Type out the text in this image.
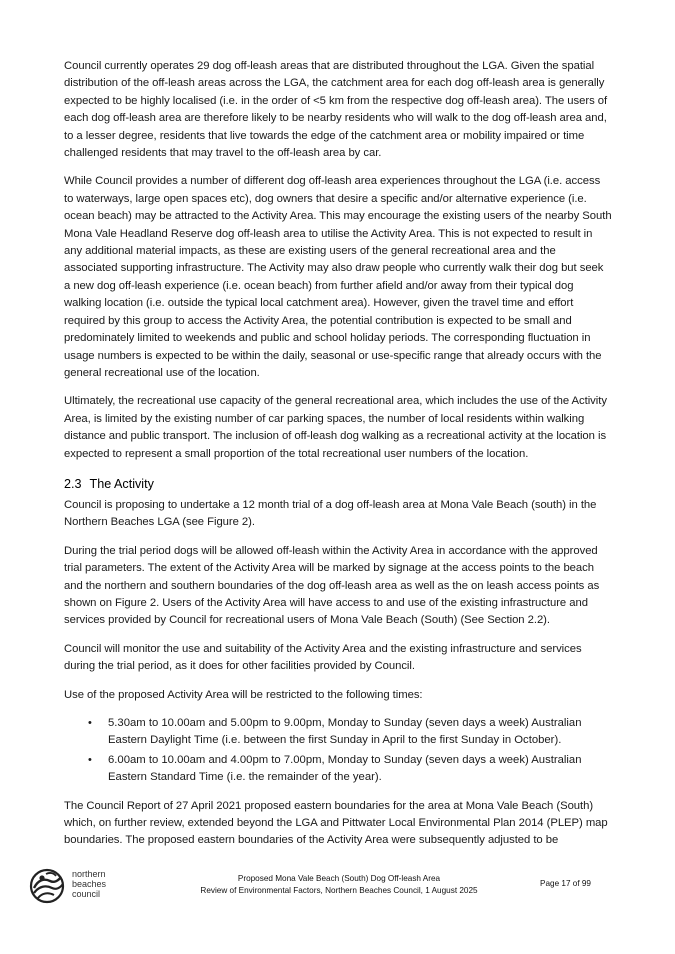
Council currently operates 29 dog off-leash areas that are distributed throughout the LGA. Given the spatial distribution of the off-leash areas across the LGA, the catchment area for each dog off-leash area is generally expected to be highly localised (i.e. in the order of <5 km from the respective dog off-leash area). The users of each dog off-leash area are therefore likely to be nearby residents who will walk to the dog off-leash area and, to a lesser degree, residents that live towards the edge of the catchment area or mobility impaired or time challenged residents that may travel to the off-leash area by car.

While Council provides a number of different dog off-leash area experiences throughout the LGA (i.e. access to waterways, large open spaces etc), dog owners that desire a specific and/or alternative experience (i.e. ocean beach) may be attracted to the Activity Area. This may encourage the existing users of the nearby South Mona Vale Headland Reserve dog off-leash area to utilise the Activity Area. This is not expected to result in any additional material impacts, as these are existing users of the general recreational area and the associated supporting infrastructure. The Activity may also draw people who currently walk their dog but seek a new dog off-leash experience (i.e. ocean beach) from further afield and/or away from their typical dog walking location (i.e. outside the typical local catchment area). However, given the travel time and effort required by this group to access the Activity Area, the potential contribution is expected to be small and predominately limited to weekends and public and school holiday periods. The corresponding fluctuation in usage numbers is expected to be within the daily, seasonal or use-specific range that already occurs with the general recreational use of the location.

Ultimately, the recreational use capacity of the general recreational area, which includes the use of the Activity Area, is limited by the existing number of car parking spaces, the number of local residents within walking distance and public transport. The inclusion of off-leash dog walking as a recreational activity at the location is expected to represent a small proportion of the total recreational user numbers of the location.

2.3 The Activity

Council is proposing to undertake a 12 month trial of a dog off-leash area at Mona Vale Beach (south) in the Northern Beaches LGA (see Figure 2).

During the trial period dogs will be allowed off-leash within the Activity Area in accordance with the approved trial parameters. The extent of the Activity Area will be marked by signage at the access points to the beach and the northern and southern boundaries of the dog off-leash area as well as the on leash access points as shown on Figure 2. Users of the Activity Area will have access to and use of the existing infrastructure and services provided by Council for recreational users of Mona Vale Beach (South) (See Section 2.2).

Council will monitor the use and suitability of the Activity Area and the existing infrastructure and services during the trial period, as it does for other facilities provided by Council.

Use of the proposed Activity Area will be restricted to the following times:

• 5.30am to 10.00am and 5.00pm to 9.00pm, Monday to Sunday (seven days a week) Australian Eastern Daylight Time (i.e. between the first Sunday in April to the first Sunday in October).
• 6.00am to 10.00am and 4.00pm to 7.00pm, Monday to Sunday (seven days a week) Australian Eastern Standard Time (i.e. the remainder of the year).

The Council Report of 27 April 2021 proposed eastern boundaries for the area at Mona Vale Beach (South) which, on further review, extended beyond the LGA and Pittwater Local Environmental Plan 2014 (PLEP) map boundaries. The proposed eastern boundaries of the Activity Area were subsequently adjusted to be

northern
beaches
council
Proposed Mona Vale Beach (South) Dog Off-leash Area
Review of Environmental Factors, Northern Beaches Council, 1 August 2025
Page 17 of 99
